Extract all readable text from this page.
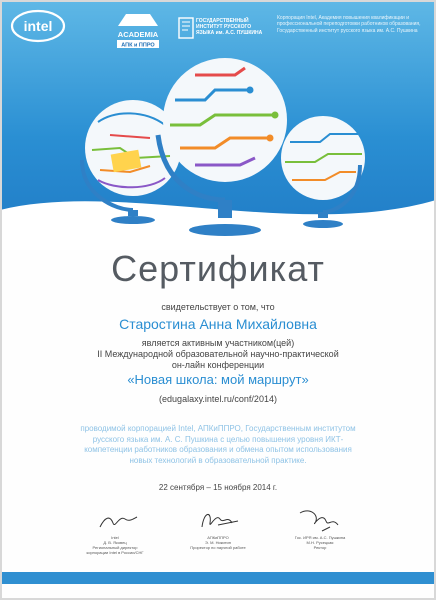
intel
ACADEMIA
АПК и ППРО
ГОСУДАРСТВЕННЫЙ ИНСТИТУТ РУССКОГО ЯЗЫКА им. А.С. ПУШКИНА
Корпорация Intel, Академия повышения квалификации и профессиональной переподготовки работников образования, Государственный институт русского языка им. А.С. Пушкина
Сертификат
свидетельствует о том, что
Старостина Анна Михайловна
является активным участником(цей)
II Международной образовательной научно-практической
он-лайн конференции
«Новая школа: мой маршрут»
(edugalaxy.intel.ru/conf/2014)
проводимой корпорацией Intel, АПКиППРО, Государственным институтом русского языка им. А. С. Пушкина с целью повышения уровня ИКТ-компетенции работников образования и обмена опытом использования новых технологий в образовательной практике.
22 сентября – 15 ноября 2014 г.
Intel
Д. В. Яковец
Региональный директор
корпорации Intel в России/СНГ
АПКиППРО
Э. М. Никитин
Проректор по научной работе
Гос. ИРЯ им. А.С. Пушкина
М.Н. Русецкая
Ректор
